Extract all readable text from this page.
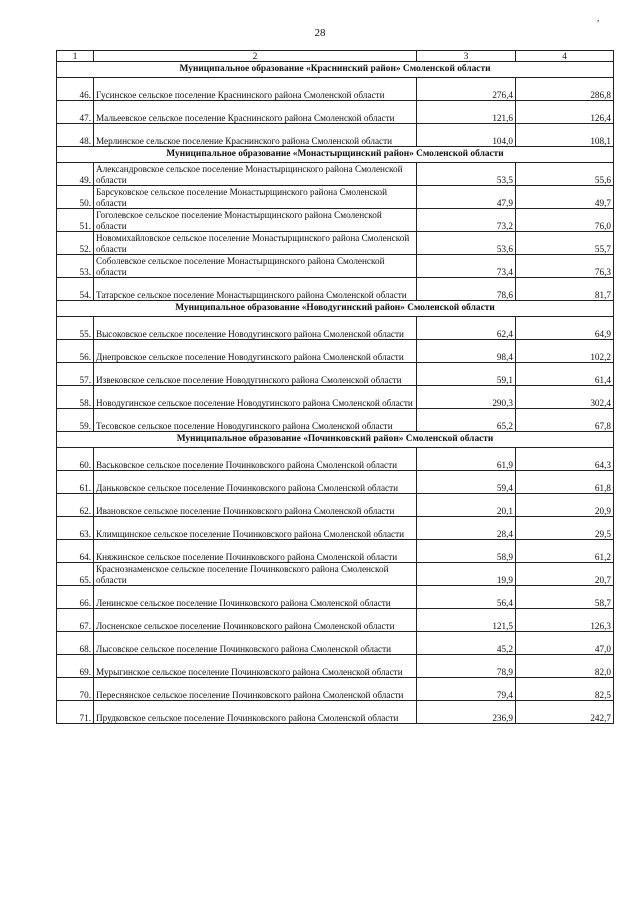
,
28
1	2	3	4
Муниципальное образование «Краснинский район» Смоленской области			
46.	Гусинское сельское поселение Краснинского района Смоленской области	276,4	286,8
47.	Мальеевское сельское поселение Краснинского района Смоленской области	121,6	126,4
48.	Мерлинское сельское поселение Краснинского района Смоленской области	104,0	108,1
Муниципальное образование «Монастырщинский район» Смоленской области			
49.	Александровское сельское поселение Монастырщинского района Смоленской области	53,5	55,6
50.	Барсуковское сельское поселение Монастырщинского района Смоленской области	47,9	49,7
51.	Гоголевское сельское поселение Монастырщинского района Смоленской области	73,2	76,0
52.	Новомихайловское сельское поселение Монастырщинского района Смоленской области	53,6	55,7
53.	Соболевское сельское поселение Монастырщинского района Смоленской области	73,4	76,3
54.	Татарское сельское поселение Монастырщинского района Смоленской области	78,6	81,7
Муниципальное образование «Новодугинский район» Смоленской области			
55.	Высоковское сельское поселение Новодугинского района Смоленской области	62,4	64,9
56.	Днепровское сельское поселение Новодугинского района Смоленской области	98,4	102,2
57.	Извековское сельское поселение Новодугинского района Смоленской области	59,1	61,4
58.	Новодугинское сельское поселение Новодугинского района Смоленской области	290,3	302,4
59.	Тесовское сельское поселение Новодугинского района Смоленской области	65,2	67,8
Муниципальное образование «Починковский район» Смоленской области			
60.	Васьковское сельское поселение Починковского района Смоленской области	61,9	64,3
61.	Даньковское сельское поселение Починковского района Смоленской области	59,4	61,8
62.	Ивановское сельское поселение Починковского района Смоленской области	20,1	20,9
63.	Климщинское сельское поселение Починковского района Смоленской области	28,4	29,5
64.	Княжинское сельское поселение Починковского района Смоленской области	58,9	61,2
65.	Краснознаменское сельское поселение Починковского района Смоленской области	19,9	20,7
66.	Ленинское сельское поселение Починковского района Смоленской области	56,4	58,7
67.	Лосненское сельское поселение Починковского района Смоленской области	121,5	126,3
68.	Лысовское сельское поселение Починковского района Смоленской области	45,2	47,0
69.	Мурыгинское сельское поселение Починковского района Смоленской области	78,9	82,0
70.	Переснянское сельское поселение Починковского района Смоленской области	79,4	82,5
71.	Прудковское сельское поселение Починковского района Смоленской области	236,9	242,7
